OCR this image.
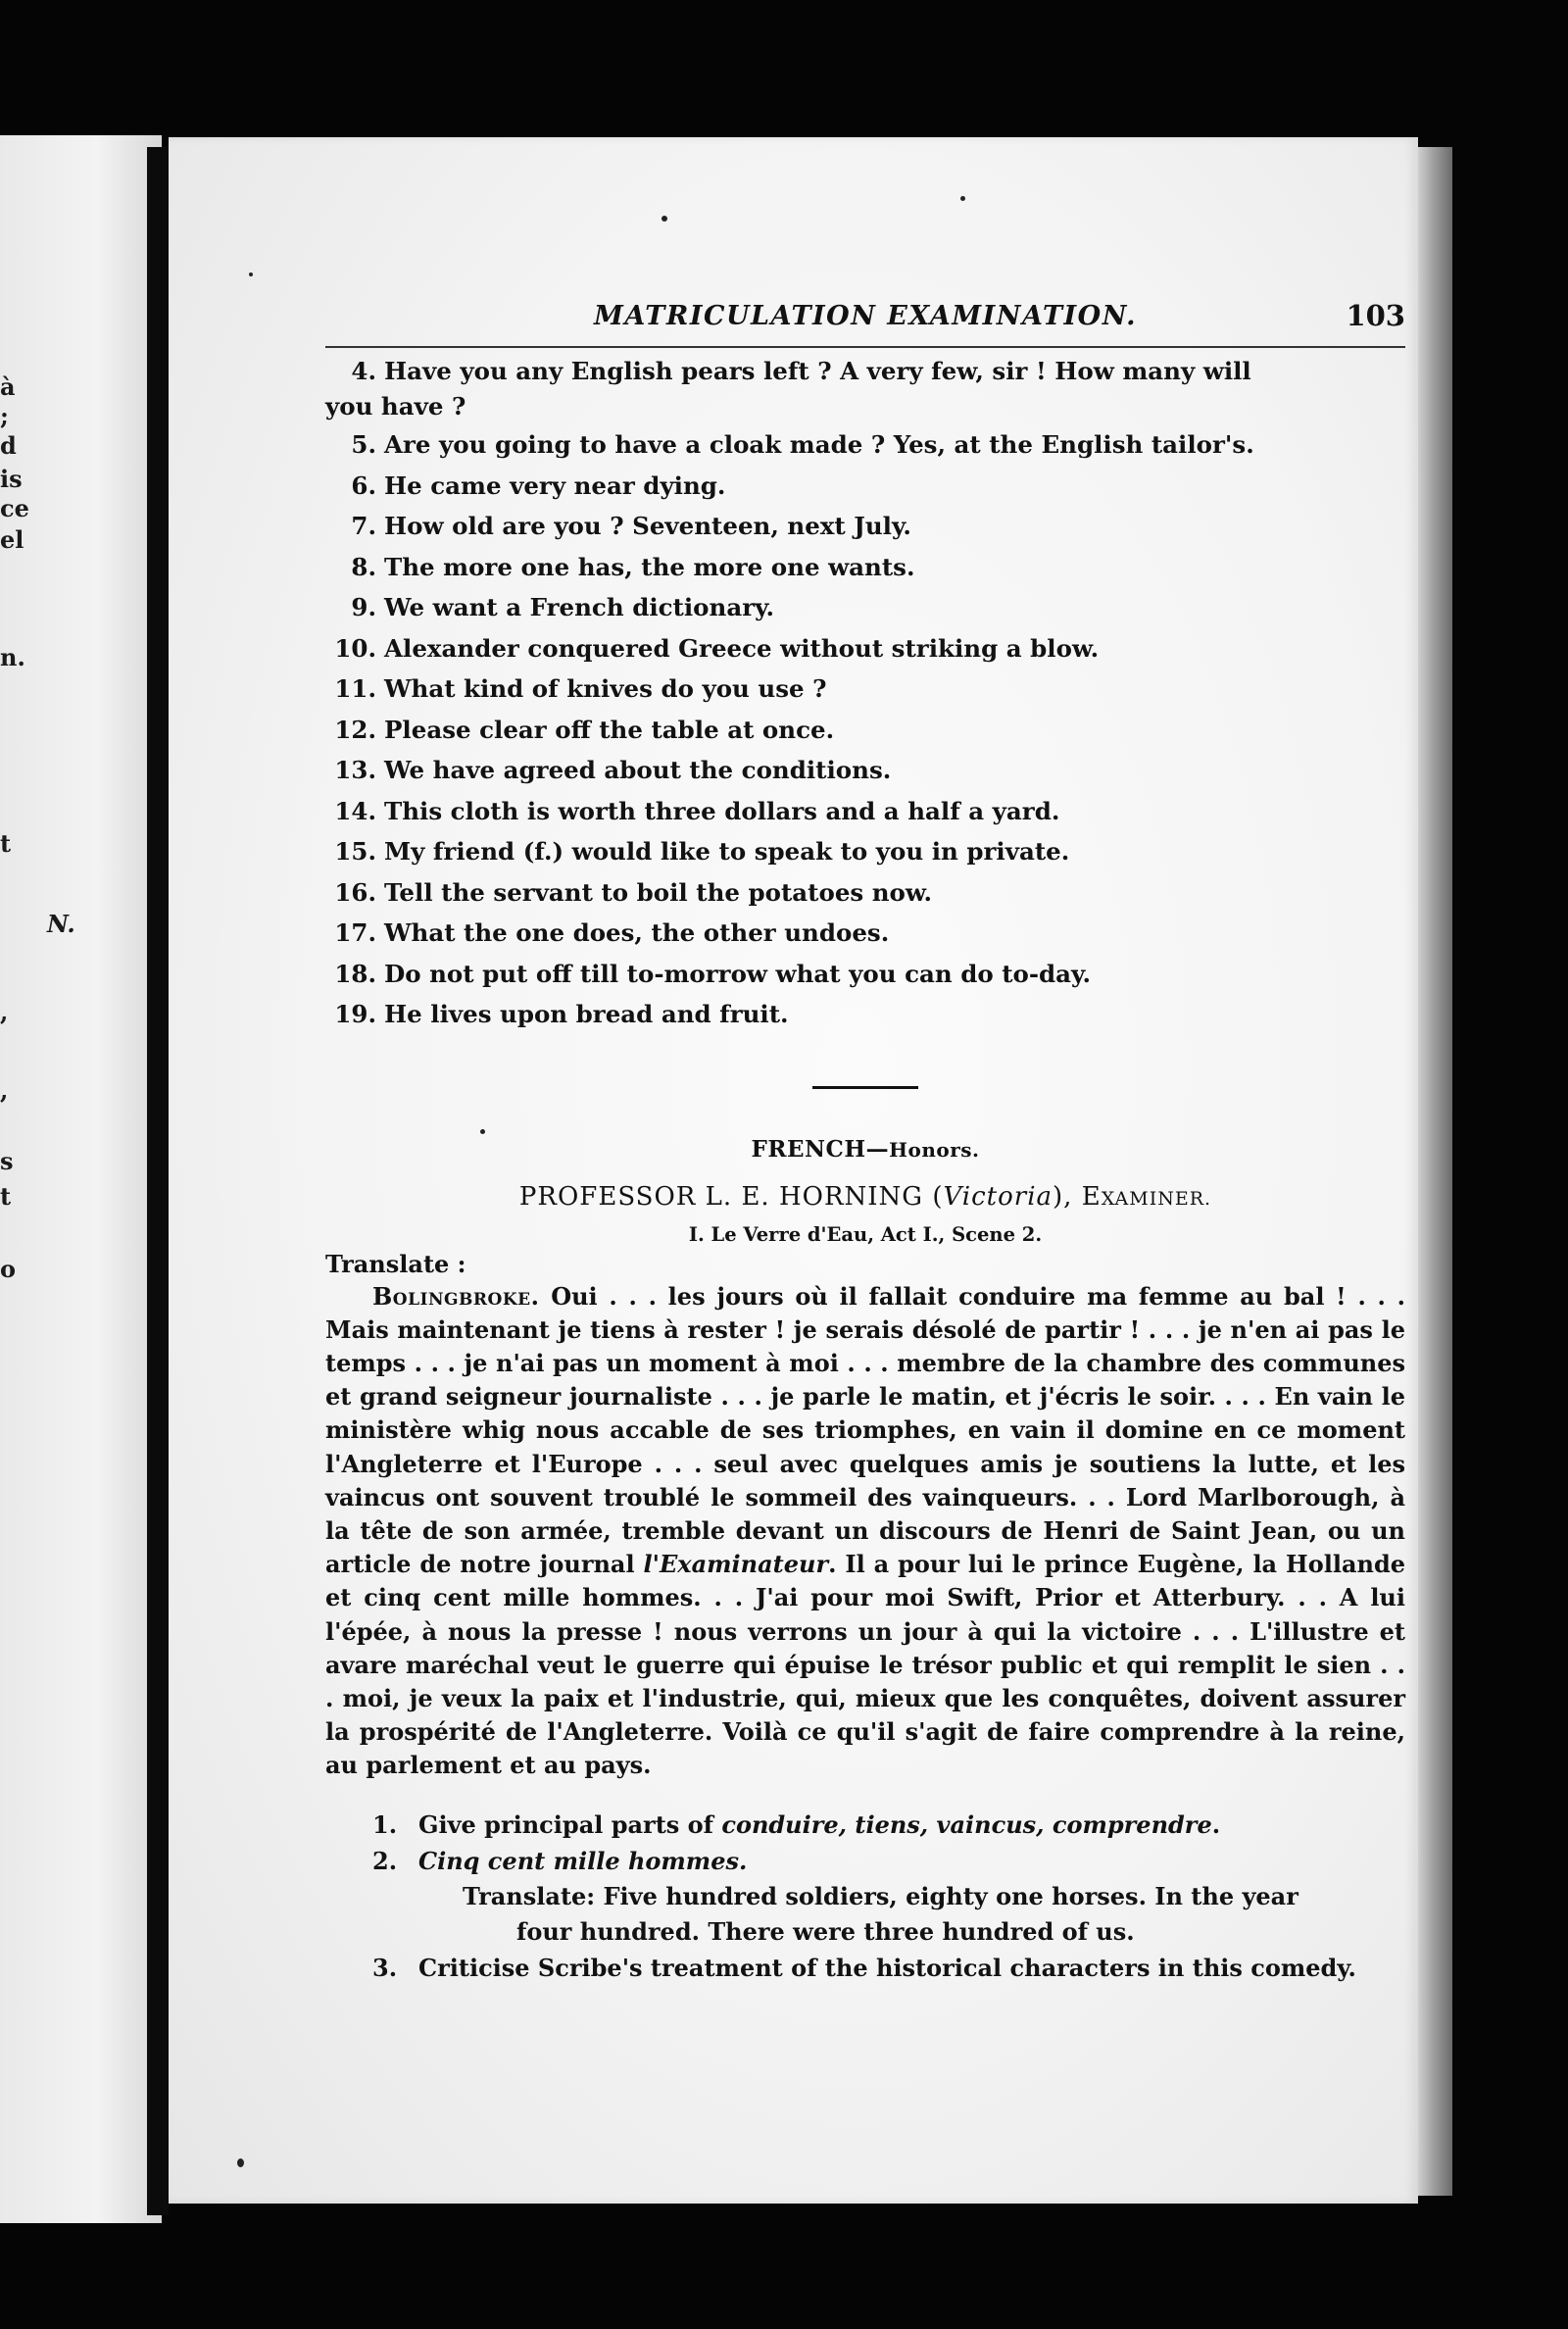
à
;
d
is
ce
el
n.
t
N.
,
,
s
t
o
MATRICULATION EXAMINATION.	103
4. Have you any English pears left ? A very few, sir ! How many will
you have ?
5. Are you going to have a cloak made ? Yes, at the English tailor's.
6. He came very near dying.
7. How old are you ? Seventeen, next July.
8. The more one has, the more one wants.
9. We want a French dictionary.
10. Alexander conquered Greece without striking a blow.
11. What kind of knives do you use ?
12. Please clear off the table at once.
13. We have agreed about the conditions.
14. This cloth is worth three dollars and a half a yard.
15. My friend (f.) would like to speak to you in private.
16. Tell the servant to boil the potatoes now.
17. What the one does, the other undoes.
18. Do not put off till to-morrow what you can do to-day.
19. He lives upon bread and fruit.
FRENCH—Honors.
PROFESSOR L. E. HORNING (Victoria), EXAMINER.
I. Le Verre d'Eau, Act I., Scene 2.
Translate :

Bolingbroke. Oui . . . les jours où il fallait conduire ma femme au bal ! . . . Mais maintenant je tiens à rester ! je serais désolé de partir ! . . . je n'en ai pas le temps . . . je n'ai pas un moment à moi . . . membre de la chambre des communes et grand seigneur journaliste . . . je parle le matin, et j'écris le soir. . . . En vain le ministère whig nous accable de ses triomphes, en vain il domine en ce moment l'Angleterre et l'Europe . . . seul avec quelques amis je soutiens la lutte, et les vaincus ont souvent troublé le sommeil des vainqueurs. . . Lord Marlborough, à la tête de son armée, tremble devant un discours de Henri de Saint Jean, ou un article de notre journal l'Examinateur. Il a pour lui le prince Eugène, la Hollande et cinq cent mille hommes. . . J'ai pour moi Swift, Prior et Atterbury. . . A lui l'épée, à nous la presse ! nous verrons un jour à qui la victoire . . . L'illustre et avare maréchal veut le guerre qui épuise le trésor public et qui remplit le sien . . . moi, je veux la paix et l'industrie, qui, mieux que les conquêtes, doivent assurer la prospérité de l'Angleterre. Voilà ce qu'il s'agit de faire comprendre à la reine, au parlement et au pays.

1. Give principal parts of conduire, tiens, vaincus, comprendre.
2. Cinq cent mille hommes.
Translate: Five hundred soldiers, eighty one horses. In the year
four hundred. There were three hundred of us.
3. Criticise Scribe's treatment of the historical characters in this comedy.
